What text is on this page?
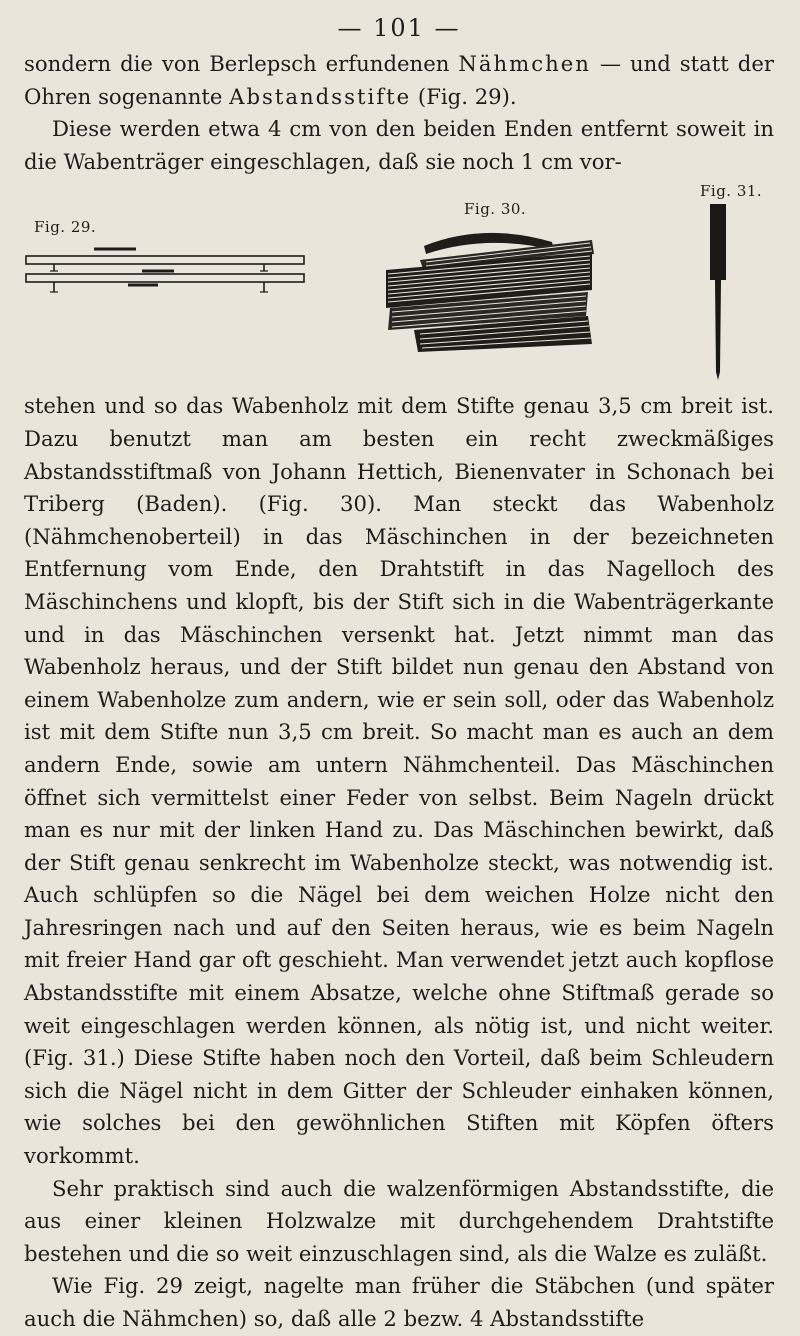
— 101 —

sondern die von Berlepsch erfundenen Nähmchen — und statt der Ohren sogenannte Abstandsstifte (Fig. 29).
Diese werden etwa 4 cm von den beiden Enden entfernt soweit in die Wabenträger eingeschlagen, daß sie noch 1 cm vor-

Fig. 29.
Fig. 30.
Fig. 31.

stehen und so das Wabenholz mit dem Stifte genau 3,5 cm breit ist. Dazu benutzt man am besten ein recht zweckmäßiges Abstandsstiftmaß von Johann Hettich, Bienenvater in Schonach bei Triberg (Baden). (Fig. 30). Man steckt das Wabenholz (Nähmchenoberteil) in das Mäschinchen in der bezeichneten Entfernung vom Ende, den Drahtstift in das Nagelloch des Mäschinchens und klopft, bis der Stift sich in die Wabenträgerkante und in das Mäschinchen versenkt hat. Jetzt nimmt man das Wabenholz heraus, und der Stift bildet nun genau den Abstand von einem Wabenholze zum andern, wie er sein soll, oder das Wabenholz ist mit dem Stifte nun 3,5 cm breit. So macht man es auch an dem andern Ende, sowie am untern Nähmchenteil. Das Mäschinchen öffnet sich vermittelst einer Feder von selbst. Beim Nageln drückt man es nur mit der linken Hand zu. Das Mäschinchen bewirkt, daß der Stift genau senkrecht im Wabenholze steckt, was notwendig ist. Auch schlüpfen so die Nägel bei dem weichen Holze nicht den Jahresringen nach und auf den Seiten heraus, wie es beim Nageln mit freier Hand gar oft geschieht. Man verwendet jetzt auch kopflose Abstandsstifte mit einem Absatze, welche ohne Stiftmaß gerade so weit eingeschlagen werden können, als nötig ist, und nicht weiter. (Fig. 31.) Diese Stifte haben noch den Vorteil, daß beim Schleudern sich die Nägel nicht in dem Gitter der Schleuder einhaken können, wie solches bei den gewöhnlichen Stiften mit Köpfen öfters vorkommt.

Sehr praktisch sind auch die walzenförmigen Abstandsstifte, die aus einer kleinen Holzwalze mit durchgehendem Drahtstifte bestehen und die so weit einzuschlagen sind, als die Walze es zuläßt.

Wie Fig. 29 zeigt, nagelte man früher die Stäbchen (und später auch die Nähmchen) so, daß alle 2 bezw. 4 Abstandsstifte
